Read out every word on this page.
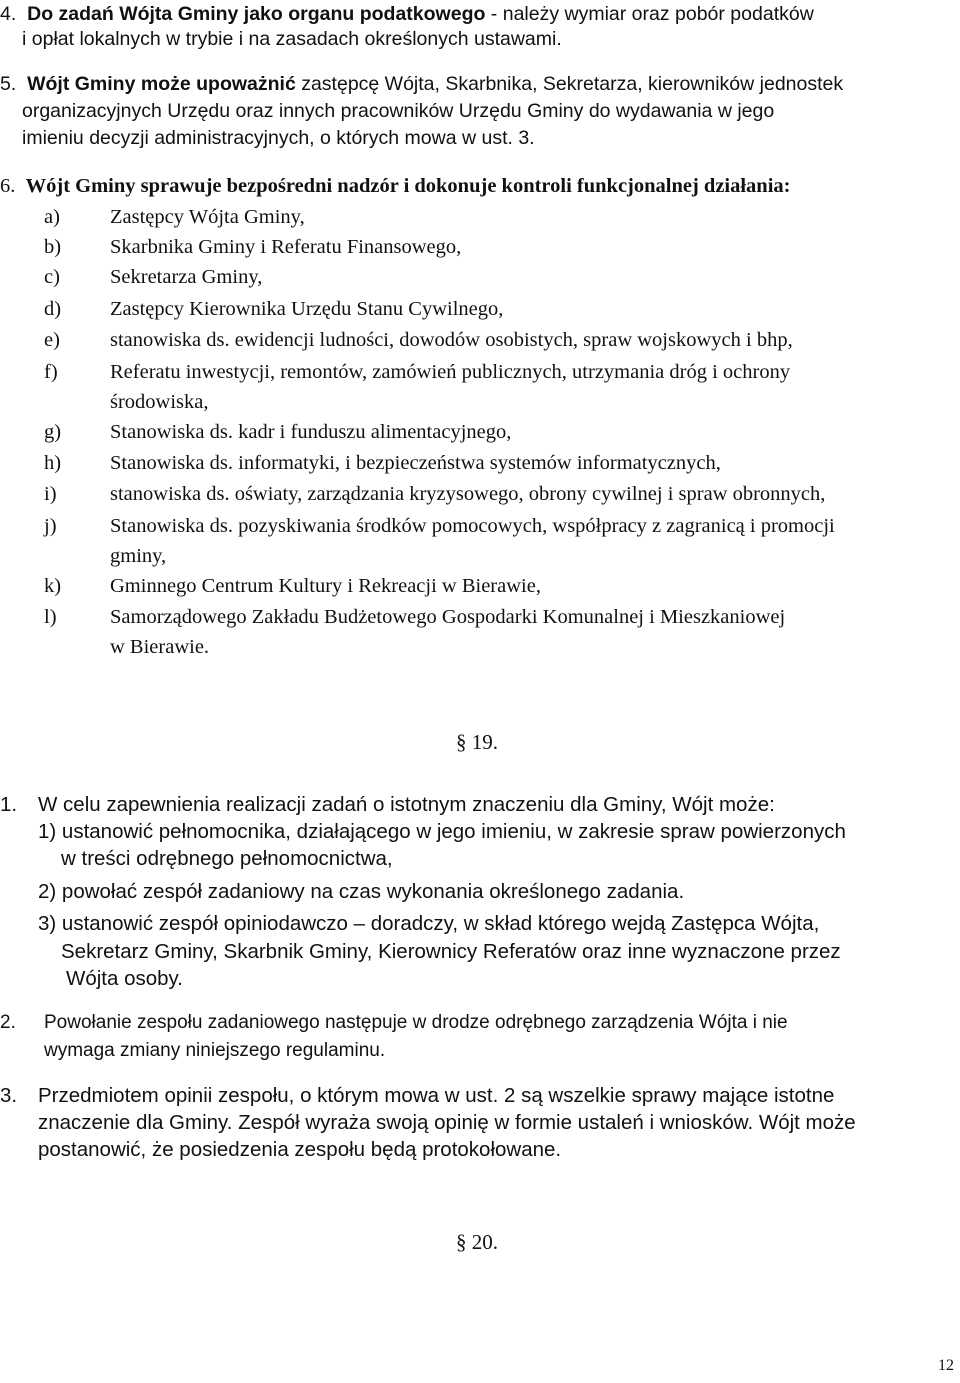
4. Do zadań Wójta Gminy jako organu podatkowego - należy wymiar oraz pobór podatków
i opłat lokalnych w trybie i na zasadach określonych ustawami.
5. Wójt Gminy może upoważnić zastępcę Wójta, Skarbnika, Sekretarza, kierowników jednostek
organizacyjnych Urzędu oraz innych pracowników Urzędu Gminy do wydawania w jego
imieniu decyzji administracyjnych, o których mowa w ust. 3.
6. Wójt Gminy sprawuje bezpośredni nadzór i dokonuje kontroli funkcjonalnej działania:
a) Zastępcy Wójta Gminy,
b) Skarbnika Gminy i Referatu Finansowego,
c) Sekretarza Gminy,
d) Zastępcy Kierownika Urzędu Stanu Cywilnego,
e) stanowiska ds. ewidencji ludności, dowodów osobistych, spraw wojskowych i bhp,
f)	Referatu inwestycji, remontów, zamówień publicznych, utrzymania dróg i ochrony
środowiska,
g) Stanowiska ds. kadr i funduszu alimentacyjnego,
h) Stanowiska ds. informatyki, i bezpieczeństwa systemów informatycznych,
i)	stanowiska ds. oświaty, zarządzania kryzysowego, obrony cywilnej i spraw obronnych,
j)	Stanowiska ds. pozyskiwania środków pomocowych, współpracy z zagranicą i promocji
gminy,
k) Gminnego Centrum Kultury i Rekreacji w Bierawie,
l)	Samorządowego Zakładu Budżetowego Gospodarki Komunalnej i Mieszkaniowej
w Bierawie.
§ 19.
1. W celu zapewnienia realizacji zadań o istotnym znaczeniu dla Gminy, Wójt może:
1) ustanowić pełnomocnika, działającego w jego imieniu, w zakresie spraw powierzonych
w treści odrębnego pełnomocnictwa,
2) powołać zespół zadaniowy na czas wykonania określonego zadania.
3) ustanowić zespół opiniodawczo – doradczy, w skład którego wejdą Zastępca Wójta,
Sekretarz Gminy, Skarbnik Gminy, Kierownicy Referatów oraz inne wyznaczone przez
Wójta osoby.
2. Powołanie zespołu zadaniowego następuje w drodze odrębnego zarządzenia Wójta i nie
wymaga zmiany niniejszego regulaminu.
3. Przedmiotem opinii zespołu, o którym mowa w ust. 2 są wszelkie sprawy mające istotne
znaczenie dla Gminy. Zespół wyraża swoją opinię w formie ustaleń i wniosków. Wójt może
postanowić, że posiedzenia zespołu będą protokołowane.
§ 20.
12
